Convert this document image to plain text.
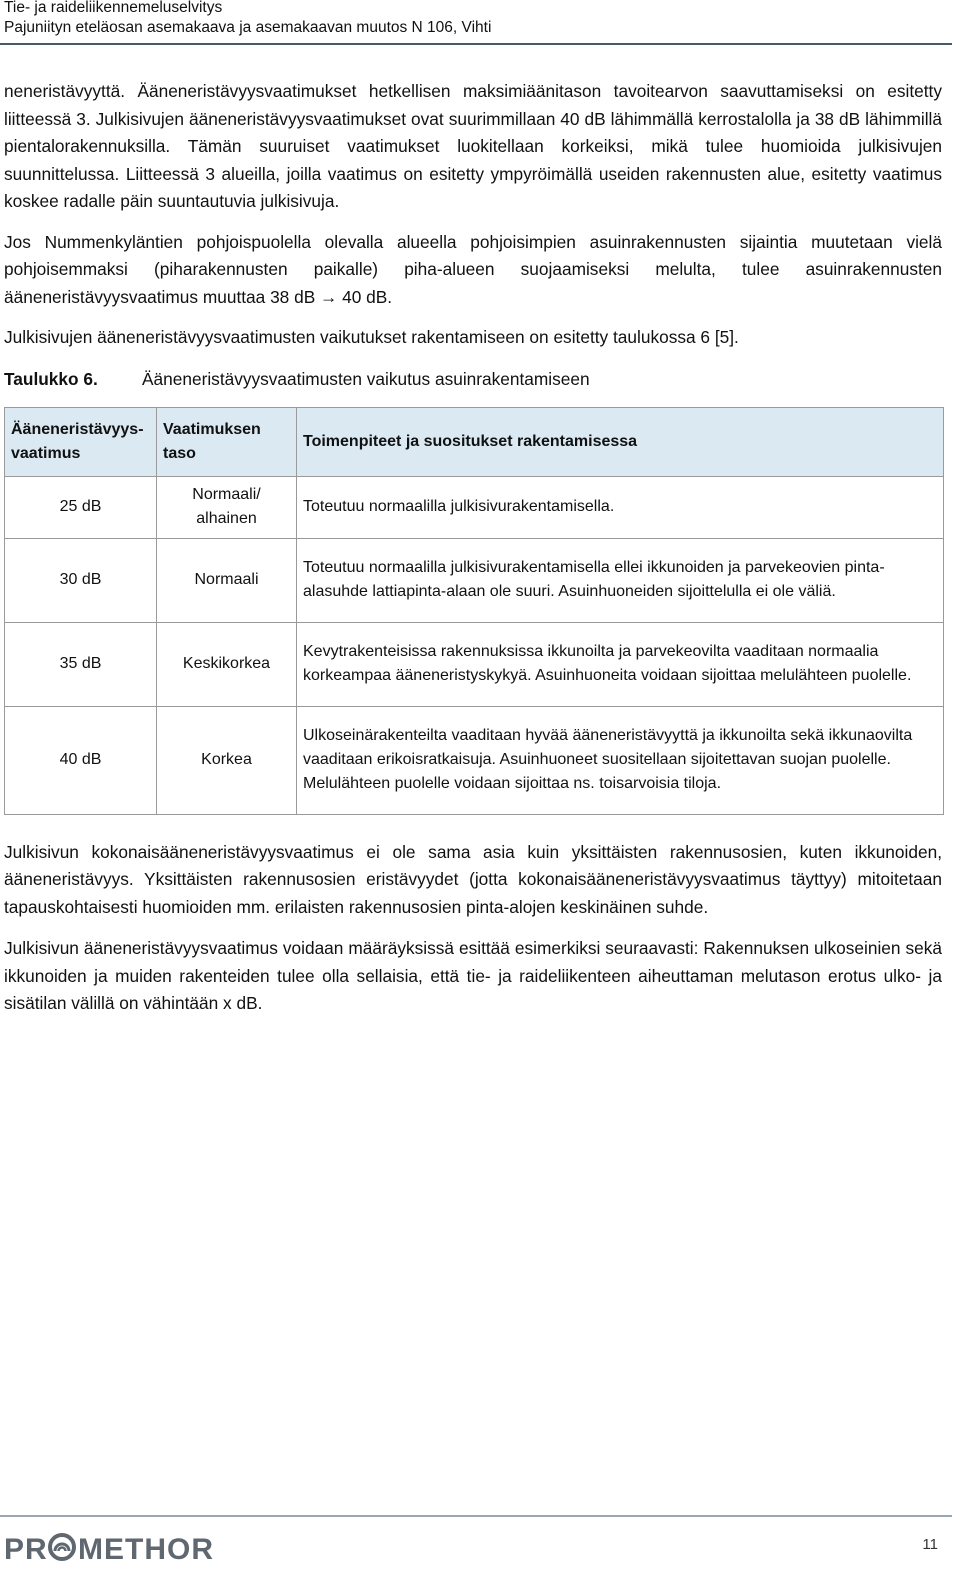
Tie- ja raideliikennemeluselvitys
Pajuniityn eteläosan asemakaava ja asemakaavan muutos N 106, Vihti

neneristävyyttä. Ääneneristävyysvaatimukset hetkellisen maksimiäänitason tavoitearvon saavuttamiseksi on esitetty liitteessä 3. Julkisivujen ääneneristävyysvaatimukset ovat suurimmillaan 40 dB lähimmällä kerrostalolla ja 38 dB lähimmillä pientalorakennuksilla. Tämän suuruiset vaatimukset luokitellaan korkeiksi, mikä tulee huomioida julkisivujen suunnittelussa. Liitteessä 3 alueilla, joilla vaatimus on esitetty ympyröimällä useiden rakennusten alue, esitetty vaatimus koskee radalle päin suuntautuvia julkisivuja.

Jos Nummenkyläntien pohjoispuolella olevalla alueella pohjoisimpien asuinrakennusten sijaintia muutetaan vielä pohjoisemmaksi (piharakennusten paikalle) piha-alueen suojaamiseksi melulta, tulee asuinrakennusten ääneneristävyysvaatimus muuttaa 38 dB → 40 dB.

Julkisivujen ääneneristävyysvaatimusten vaikutukset rakentamiseen on esitetty taulukossa 6 [5].

Taulukko 6.	Ääneneristävyysvaatimusten vaikutus asuinrakentamiseen
Ääneneristävyys-vaatimus	Vaatimuksen taso	Toimenpiteet ja suositukset rakentamisessa
25 dB	Normaali/ alhainen	Toteutuu normaalilla julkisivurakentamisella.
30 dB	Normaali	Toteutuu normaalilla julkisivurakentamisella ellei ikkunoiden ja parvekeovien pinta-alasuhde lattiapinta-alaan ole suuri. Asuinhuoneiden sijoittelulla ei ole väliä.
35 dB	Keskikorkea	Kevytrakenteisissa rakennuksissa ikkunoilta ja parvekeovilta vaaditaan normaalia korkeampaa ääneneristyskykyä. Asuinhuoneita voidaan sijoittaa melulähteen puolelle.
40 dB	Korkea	Ulkoseinärakenteilta vaaditaan hyvää ääneneristävyyttä ja ikkunoilta sekä ikkunaovilta vaaditaan erikoisratkaisuja. Asuinhuoneet suositellaan sijoitettavan suojan puolelle. Melulähteen puolelle voidaan sijoittaa ns. toisarvoisia tiloja.

Julkisivun kokonaisääneneristävyysvaatimus ei ole sama asia kuin yksittäisten rakennusosien, kuten ikkunoiden, ääneneristävyys. Yksittäisten rakennusosien eristävyydet (jotta kokonaisääneneristävyysvaatimus täyttyy) mitoitetaan tapauskohtaisesti huomioiden mm. erilaisten rakennusosien pinta-alojen keskinäinen suhde.

Julkisivun ääneneristävyysvaatimus voidaan määräyksissä esittää esimerkiksi seuraavasti: Rakennuksen ulkoseinien sekä ikkunoiden ja muiden rakenteiden tulee olla sellaisia, että tie- ja raideliikenteen aiheuttaman melutason erotus ulko- ja sisätilan välillä on vähintään x dB.

PR METHOR	11
